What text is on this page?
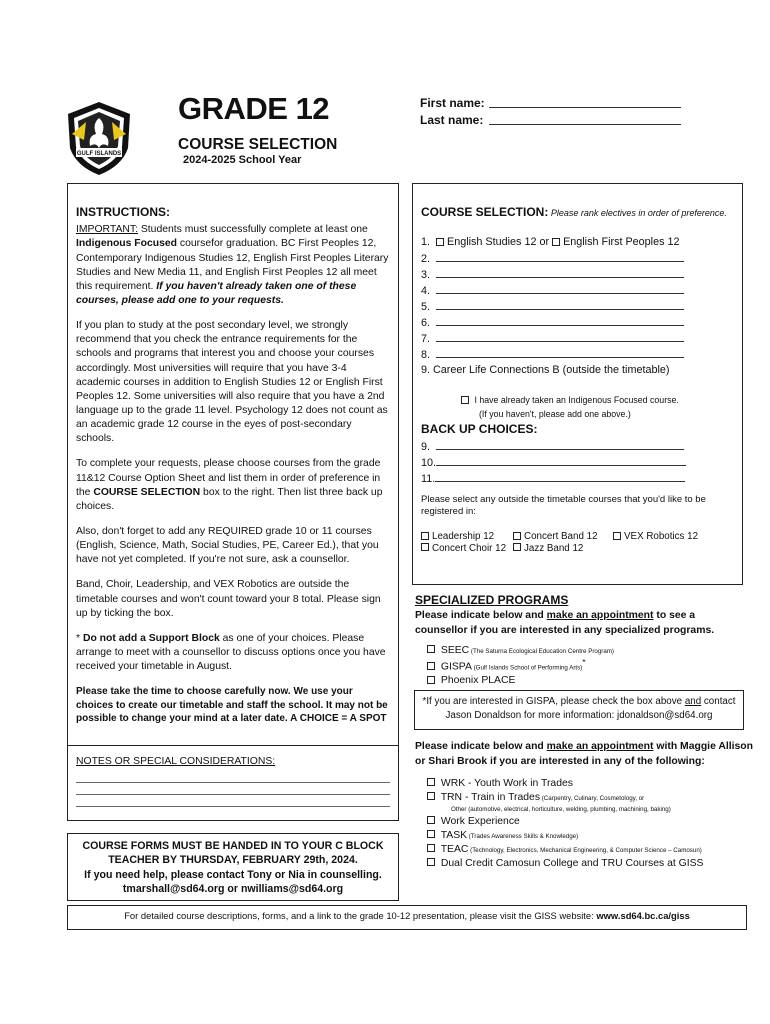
GULF ISLANDS
GRADE 12
COURSE SELECTION
2024-2025 School Year
First name:
Last name:
INSTRUCTIONS:

IMPORTANT: Students must successfully complete at least one Indigenous Focused coursefor graduation. BC First Peoples 12, Contemporary Indigenous Studies 12, English First Peoples Literary Studies and New Media 11, and English First Peoples 12 all meet this requirement. If you haven't already taken one of these courses, please add one to your requests.

If you plan to study at the post secondary level, we strongly recommend that you check the entrance requirements for the schools and programs that interest you and choose your courses accordingly. Most universities will require that you have 3-4 academic courses in addition to English Studies 12 or English First Peoples 12. Some universities will also require that you have a 2nd language up to the grade 11 level. Psychology 12 does not count as an academic grade 12 course in the eyes of post-secondary schools.

To complete your requests, please choose courses from the grade 11&12 Course Option Sheet and list them in order of preference in the COURSE SELECTION box to the right. Then list three back up choices.

Also, don't forget to add any REQUIRED grade 10 or 11 courses (English, Science, Math, Social Studies, PE, Career Ed.), that you have not yet completed. If you're not sure, ask a counsellor.

Band, Choir, Leadership, and VEX Robotics are outside the timetable courses and won't count toward your 8 total. Please sign up by ticking the box.

* Do not add a Support Block as one of your choices. Please arrange to meet with a counsellor to discuss options once you have received your timetable in August.

Please take the time to choose carefully now. We use your choices to create our timetable and staff the school. It may not be possible to change your mind at a later date. A CHOICE = A SPOT

NOTES OR SPECIAL CONSIDERATIONS:
COURSE FORMS MUST BE HANDED IN TO YOUR C BLOCK TEACHER BY THURSDAY, FEBRUARY 29th, 2024.
If you need help, please contact Tony or Nia in counselling.
tmarshall@sd64.org or nwilliams@sd64.org
COURSE SELECTION: Please rank electives in order of preference.
1. English Studies 12 or English First Peoples 12
2.
3.
4.
5.
6.
7.
8.
9. Career Life Connections B (outside the timetable)
I have already taken an Indigenous Focused course.
(If you haven't, please add one above.)
BACK UP CHOICES:
9.
10.
11.
Please select any outside the timetable courses that you'd like to be registered in:
Leadership 12	Concert Band 12	VEX Robotics 12
Concert Choir 12	Jazz Band 12
SPECIALIZED PROGRAMS
Please indicate below and make an appointment to see a counsellor if you are interested in any specialized programs.
SEEC (The Saturna Ecological Education Centre Program)
GISPA (Gulf Islands School of Performing Arts)*
Phoenix PLACE
*If you are interested in GISPA, please check the box above and contact
Jason Donaldson for more information: jdonaldson@sd64.org
Please indicate below and make an appointment with Maggie Allison or Shari Brook if you are interested in any of the following:
WRK - Youth Work in Trades
TRN - Train in Trades (Carpentry, Culinary, Cosmetology, or
Other (automotive, electrical, horticulture, welding, plumbing, machining, baking)
Work Experience
TASK (Trades Awareness Skills & Knowledge)
TEAC (Technology, Electronics, Mechanical Engineering, & Computer Science – Camosun)
Dual Credit Camosun College and TRU Courses at GISS
For detailed course descriptions, forms, and a link to the grade 10-12 presentation, please visit the GISS website: www.sd64.bc.ca/giss
